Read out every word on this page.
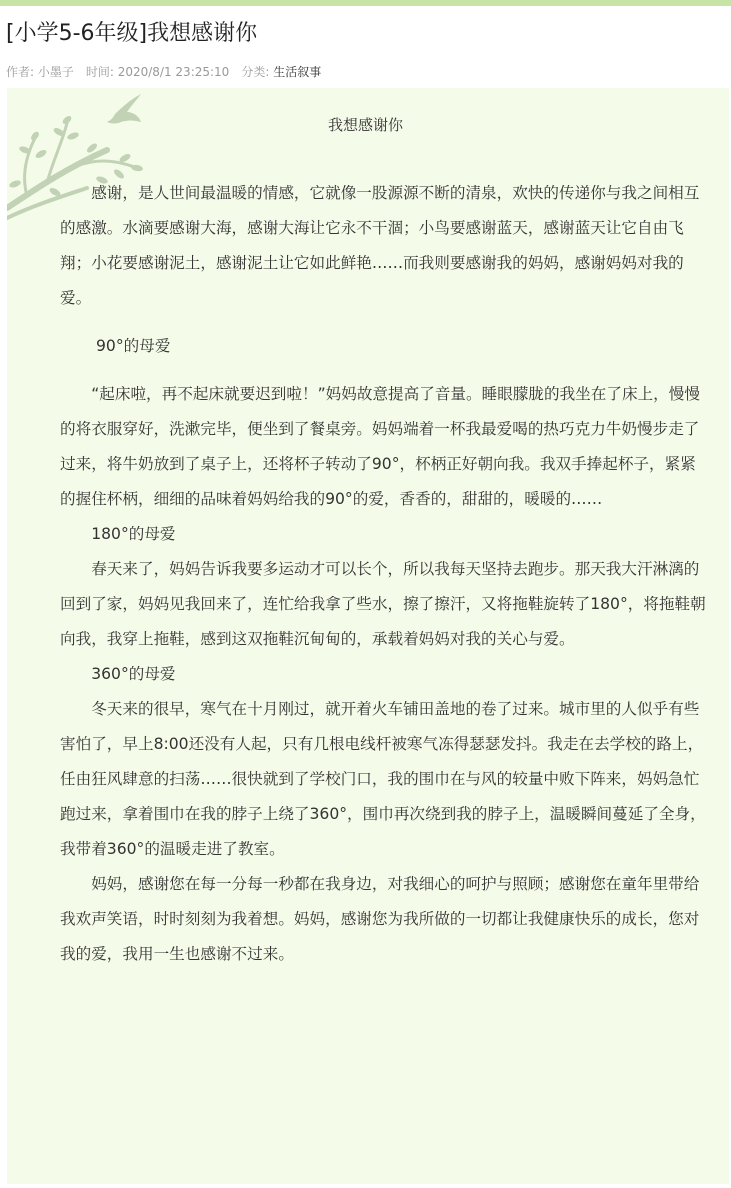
[小学5-6年级]我想感谢你
作者: 小墨子 时间: 2020/8/1 23:25:10 分类: 生活叙事
我想感谢你

感谢，是人世间最温暖的情感，它就像一股源源不断的清泉，欢快的传递你与我之间相互的感激。水滴要感谢大海，感谢大海让它永不干涸；小鸟要感谢蓝天，感谢蓝天让它自由飞翔；小花要感谢泥土，感谢泥土让它如此鲜艳……而我则要感谢我的妈妈，感谢妈妈对我的爱。

90°的母爱

“起床啦，再不起床就要迟到啦！”妈妈故意提高了音量。睡眼朦胧的我坐在了床上，慢慢的将衣服穿好，洗漱完毕，便坐到了餐桌旁。妈妈端着一杯我最爱喝的热巧克力牛奶慢步走了过来，将牛奶放到了桌子上，还将杯子转动了90°，杯柄正好朝向我。我双手捧起杯子，紧紧的握住杯柄，细细的品味着妈妈给我的90°的爱，香香的，甜甜的，暖暖的……

180°的母爱

春天来了，妈妈告诉我要多运动才可以长个，所以我每天坚持去跑步。那天我大汗淋漓的回到了家，妈妈见我回来了，连忙给我拿了些水，擦了擦汗，又将拖鞋旋转了180°，将拖鞋朝向我，我穿上拖鞋，感到这双拖鞋沉甸甸的，承载着妈妈对我的关心与爱。

360°的母爱

冬天来的很早，寒气在十月刚过，就开着火车铺田盖地的卷了过来。城市里的人似乎有些害怕了，早上8:00还没有人起，只有几根电线杆被寒气冻得瑟瑟发抖。我走在去学校的路上，任由狂风肆意的扫荡……很快就到了学校门口，我的围巾在与风的较量中败下阵来，妈妈急忙跑过来，拿着围巾在我的脖子上绕了360°，围巾再次绕到我的脖子上，温暖瞬间蔓延了全身，我带着360°的温暖走进了教室。

妈妈，感谢您在每一分每一秒都在我身边，对我细心的呵护与照顾；感谢您在童年里带给我欢声笑语，时时刻刻为我着想。妈妈，感谢您为我所做的一切都让我健康快乐的成长，您对我的爱，我用一生也感谢不过来。
